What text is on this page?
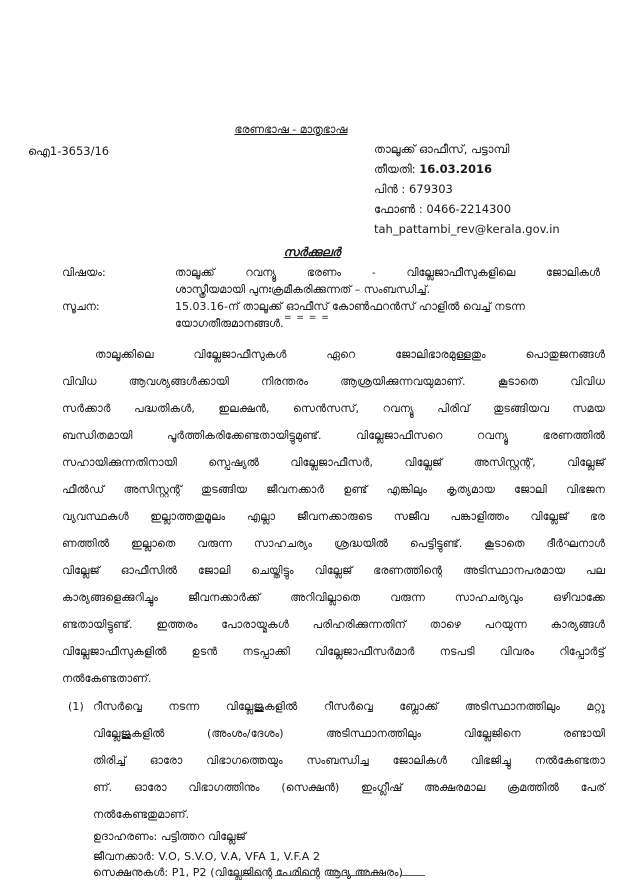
ഭരണഭാഷ - മാതൃഭാഷ
ഐ1-3653/16	താലൂക്ക് ഓഫീസ്, പട്ടാമ്പി
തീയതി: 16.03.2016
പിൻ : 679303
ഫോൺ : 0466-2214300
tah_pattambi_rev@kerala.gov.in
സർക്കുലർ
വിഷയം:	താലൂക്ക് റവന്യൂ ഭരണം - വില്ലേജാഫീസുകളിലെ ജോലികൾ
ശാസ്ത്രീയമായി പുനഃക്രമീകരിക്കുന്നത് – സംബന്ധിച്ച്.
സൂചന:	15.03.16-ന് താലൂക്ക് ഓഫീസ് കോൺഫറൻസ് ഹാളിൽ വെച്ച് നടന്ന
യോഗതീരുമാനങ്ങൾ. = = = =
താലൂക്കിലെ വില്ലേജാഫീസുകൾ ഏറെ ജോലിഭാരമുള്ളതും പൊതുജനങ്ങൾ
വിവിധ ആവശ്യങ്ങൾക്കായി നിരന്തരം ആശ്രയിക്കുന്നവയുമാണ്. കൂടാതെ വിവിധ
സർക്കാർ പദ്ധതികൾ, ഇലക്ഷൻ, സെൻസസ്, റവന്യൂ പിരിവ് തുടങ്ങിയവ സമയ
ബന്ധിതമായി പൂർത്തികരിക്കേണ്ടതായിട്ടുമുണ്ട്. വില്ലേജാഫീസറെ റവന്യൂ ഭരണത്തിൽ
സഹായിക്കുന്നതിനായി സ്പെഷ്യൽ വില്ലേജാഫീസർ, വില്ലേജ് അസിസ്റ്റന്റ്, വില്ലേജ്
ഫീൽഡ് അസിസ്റ്റന്റ് തുടങ്ങിയ ജീവനക്കാർ ഉണ്ട് എങ്കിലും കൃത്യമായ ജോലി വിഭജന
വ്യവസ്ഥകൾ ഇല്ലാത്തതുമൂലം എല്ലാ ജീവനക്കാരുടെ സജീവ പങ്കാളിത്തം വില്ലേജ് ഭര
ണത്തിൽ ഇല്ലാതെ വരുന്ന സാഹചര്യം ശ്രദ്ധയിൽ പെട്ടിട്ടുണ്ട്. കൂടാതെ ദീർഘനാൾ
വില്ലേജ് ഓഫീസിൽ ജോലി ചെയ്തിട്ടും വില്ലേജ് ഭരണത്തിന്റെ അടിസ്ഥാനപരമായ പല
കാര്യങ്ങളെക്കുറിച്ചും ജീവനക്കാർക്ക് അറിവില്ലാതെ വരുന്ന സാഹചര്യവും ഒഴിവാക്കേ
ണ്ടതായിട്ടുണ്ട്. ഇത്തരം പോരായ്മകൾ പരിഹരിക്കുന്നതിന് താഴെ പറയുന്ന കാര്യങ്ങൾ
വില്ലേജാഫീസുകളിൽ ഉടൻ നടപ്പാക്കി വില്ലേജാഫീസർമാർ നടപടി വിവരം റിപ്പോർട്ട്
നൽകേണ്ടതാണ്.
(1) റീസർവ്വെ നടന്ന വില്ലേജുകളിൽ റീസർവ്വെ ബ്ലോക്ക് അടിസ്ഥാനത്തിലും മറ്റു
വില്ലേജുകളിൽ (അംശം/ദേശം) അടിസ്ഥാനത്തിലും വില്ലേജിനെ രണ്ടായി
തിരിച്ച് ഓരോ വിഭാഗത്തെയും സംബന്ധിച്ച ജോലികൾ വിഭജിച്ചു നൽകേണ്ടതാ
ണ്. ഓരോ വിഭാഗത്തിനും (സെക്ഷൻ) ഇംഗ്ലീഷ് അക്ഷരമാല ക്രമത്തിൽ പേര്
നൽകേണ്ടതുമാണ്.
ഉദാഹരണം: പട്ടിത്തറ വില്ലേജ്
ജീവനക്കാർ: V.O, S.V.O, V.A, VFA 1, V.F.A 2
സെക്ഷനുകൾ: P1, P2 (വില്ലേജിന്റെ പേരിന്റെ ആദ്യ അക്ഷരം)
